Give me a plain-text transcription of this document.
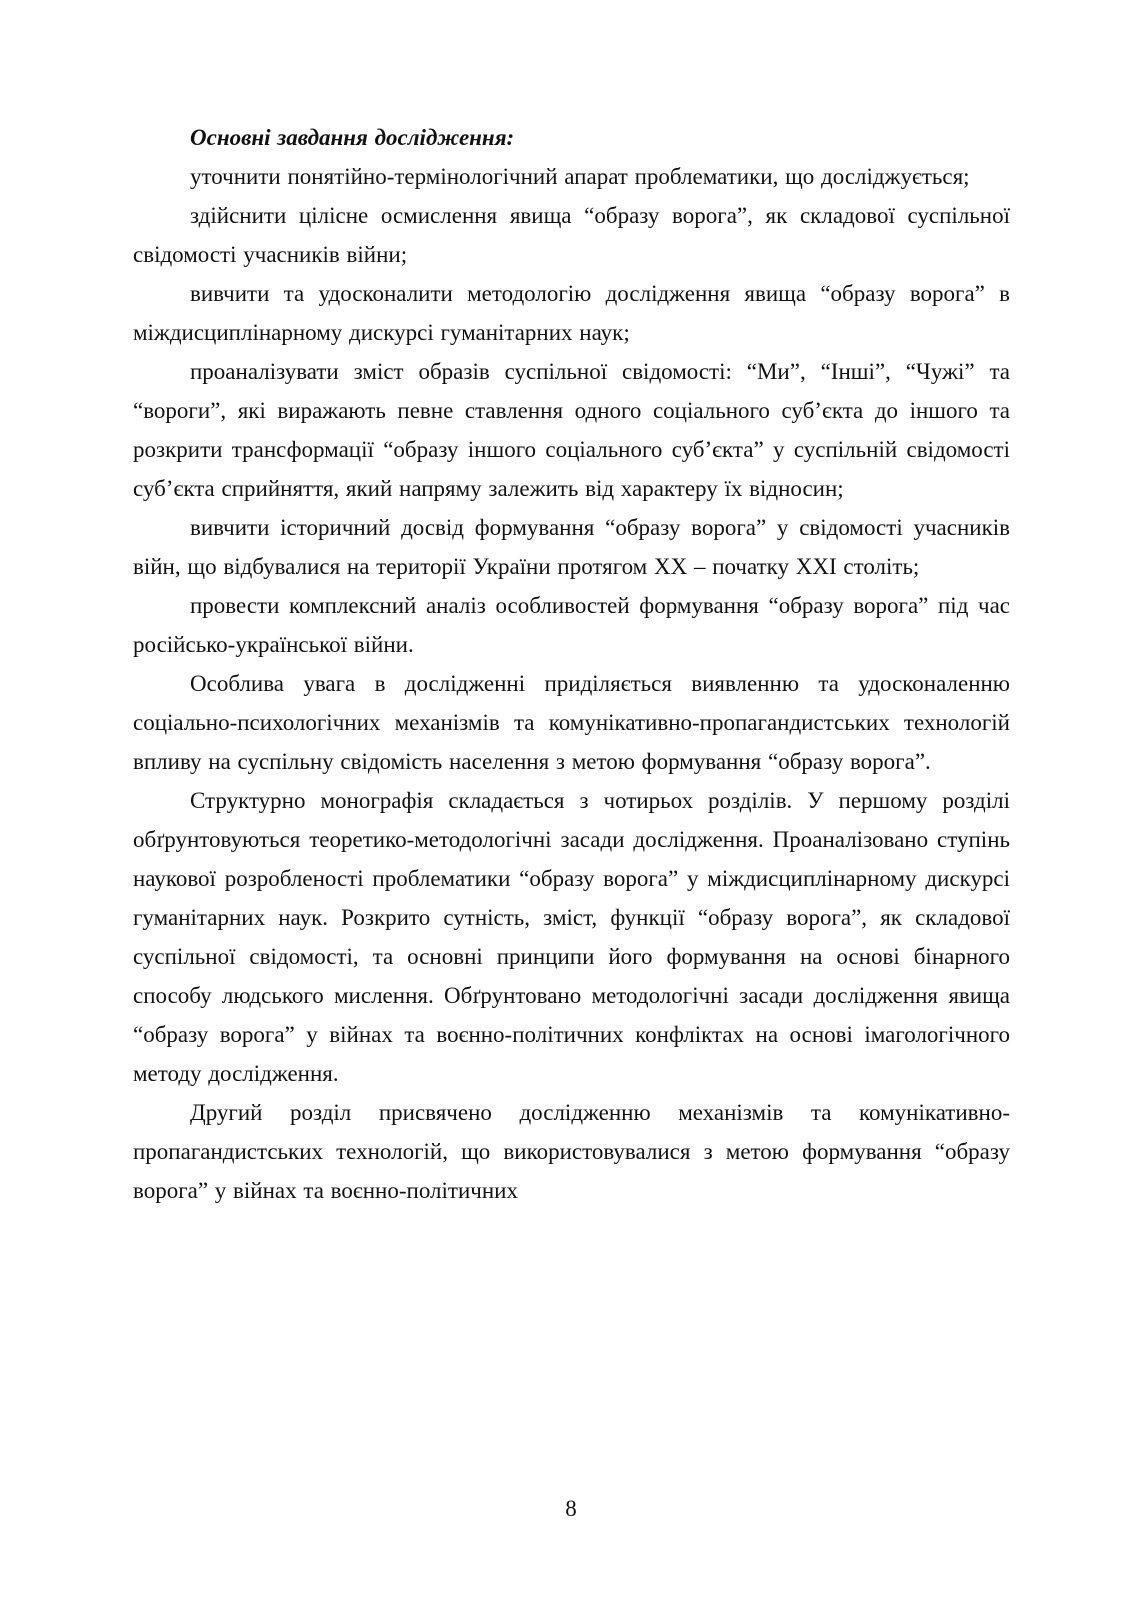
Основні завдання дослідження:

уточнити понятійно-термінологічний апарат проблематики, що досліджується;

здійснити цілісне осмислення явища “образу ворога”, як складової суспільної свідомості учасників війни;

вивчити та удосконалити методологію дослідження явища “образу ворога” в міждисциплінарному дискурсі гуманітарних наук;

проаналізувати зміст образів суспільної свідомості: “Ми”, “Інші”, “Чужі” та “вороги”, які виражають певне ставлення одного соціального суб’єкта до іншого та розкрити трансформації “образу іншого соціального суб’єкта” у суспільній свідомості суб’єкта сприйняття, який напряму залежить від характеру їх відносин;

вивчити історичний досвід формування “образу ворога” у свідомості учасників війн, що відбувалися на території України протягом ХХ – початку ХХІ століть;

провести комплексний аналіз особливостей формування “образу ворога” під час російсько-української війни.

Особлива увага в дослідженні приділяється виявленню та удосконаленню соціально-психологічних механізмів та комунікативно-пропагандистських технологій впливу на суспільну свідомість населення з метою формування “образу ворога”.

Структурно монографія складається з чотирьох розділів. У першому розділі обґрунтовуються теоретико-методологічні засади дослідження. Проаналізовано ступінь наукової розробленості проблематики “образу ворога” у міждисциплінарному дискурсі гуманітарних наук. Розкрито сутність, зміст, функції “образу ворога”, як складової суспільної свідомості, та основні принципи його формування на основі бінарного способу людського мислення. Обґрунтовано методологічні засади дослідження явища “образу ворога” у війнах та воєнно-політичних конфліктах на основі імагологічного методу дослідження.

Другий розділ присвячено дослідженню механізмів та комунікативно-пропагандистських технологій, що використовувалися з метою формування “образу ворога” у війнах та воєнно-політичних

8
